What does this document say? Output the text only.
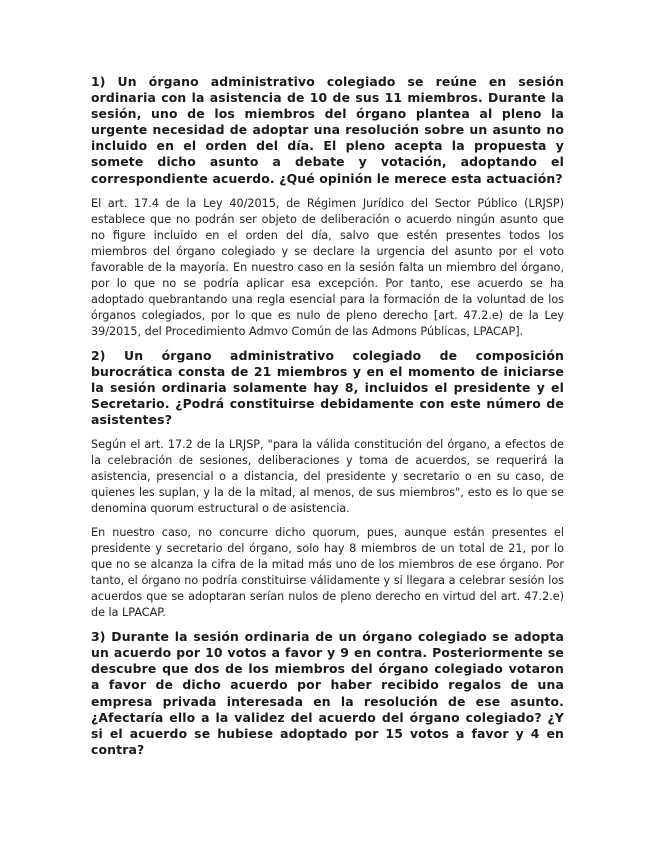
1) Un órgano administrativo colegiado se reúne en sesión ordinaria con la asistencia de 10 de sus 11 miembros. Durante la sesión, uno de los miembros del órgano plantea al pleno la urgente necesidad de adoptar una resolución sobre un asunto no incluido en el orden del día. El pleno acepta la propuesta y somete dicho asunto a debate y votación, adoptando el correspondiente acuerdo. ¿Qué opinión le merece esta actuación?

El art. 17.4 de la Ley 40/2015, de Régimen Jurídico del Sector Público (LRJSP) establece que no podrán ser objeto de deliberación o acuerdo ningún asunto que no figure incluido en el orden del día, salvo que estén presentes todos los miembros del órgano colegiado y se declare la urgencia del asunto por el voto favorable de la mayoría. En nuestro caso en la sesión falta un miembro del órgano, por lo que no se podría aplicar esa excepción. Por tanto, ese acuerdo se ha adoptado quebrantando una regla esencial para la formación de la voluntad de los órganos colegiados, por lo que es nulo de pleno derecho [art. 47.2.e) de la Ley 39/2015, del Procedimiento Admvo Común de las Admons Públicas, LPACAP].

2) Un órgano administrativo colegiado de composición burocrática consta de 21 miembros y en el momento de iniciarse la sesión ordinaria solamente hay 8, incluidos el presidente y el Secretario. ¿Podrá constituirse debidamente con este número de asistentes?

Según el art. 17.2 de la LRJSP, "para la válida constitución del órgano, a efectos de la celebración de sesiones, deliberaciones y toma de acuerdos, se requerirá la asistencia, presencial o a distancia, del presidente y secretario o en su caso, de quienes les suplan, y la de la mitad, al menos, de sus miembros", esto es lo que se denomina quorum estructural o de asistencia.

En nuestro caso, no concurre dicho quorum, pues, aunque están presentes el presidente y secretario del órgano, solo hay 8 miembros de un total de 21, por lo que no se alcanza la cifra de la mitad más uno de los miembros de ese órgano. Por tanto, el órgano no podría constituirse válidamente y si llegara a celebrar sesión los acuerdos que se adoptaran serían nulos de pleno derecho en virtud del art. 47.2.e) de la LPACAP.

3) Durante la sesión ordinaria de un órgano colegiado se adopta un acuerdo por 10 votos a favor y 9 en contra. Posteriormente se descubre que dos de los miembros del órgano colegiado votaron a favor de dicho acuerdo por haber recibido regalos de una empresa privada interesada en la resolución de ese asunto. ¿Afectaría ello a la validez del acuerdo del órgano colegiado? ¿Y si el acuerdo se hubiese adoptado por 15 votos a favor y 4 en contra?
